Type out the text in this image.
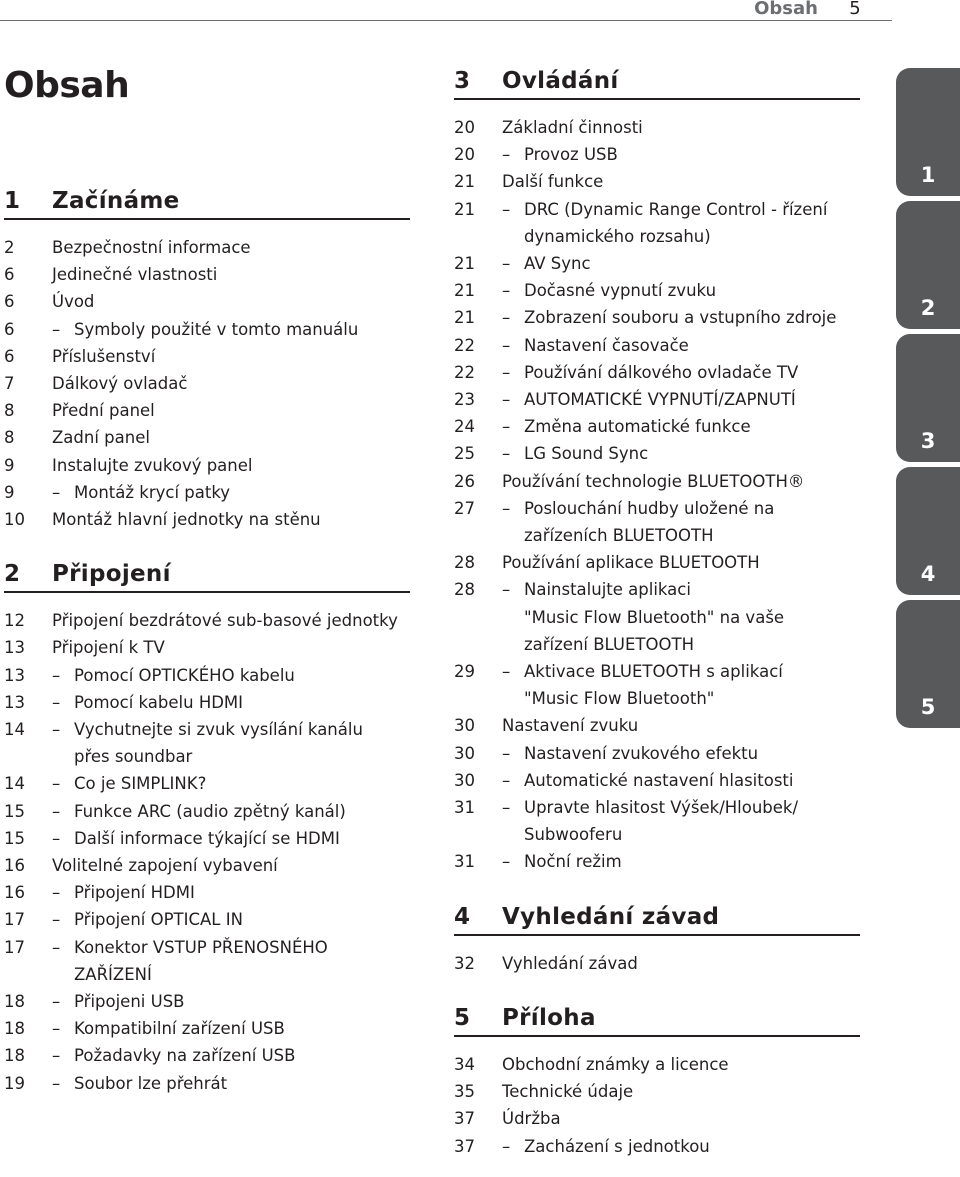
Obsah 5
Obsah
1	Začínáme
2	Bezpečnostní informace
6	Jedinečné vlastnosti
6	Úvod
6	– Symboly použité v tomto manuálu
6	Příslušenství
7	Dálkový ovladač
8	Přední panel
8	Zadní panel
9	Instalujte zvukový panel
9	– Montáž krycí patky
10	Montáž hlavní jednotky na stěnu
2	Připojení
12	Připojení bezdrátové sub-basové jednotky
13	Připojení k TV
13	– Pomocí OPTICKÉHO kabelu
13	– Pomocí kabelu HDMI
14	– Vychutnejte si zvuk vysílání kanálu
přes soundbar
14	– Co je SIMPLINK?
15	– Funkce ARC (audio zpětný kanál)
15	– Další informace týkající se HDMI
16	Volitelné zapojení vybavení
16	– Připojení HDMI
17	– Připojení OPTICAL IN
17	– Konektor VSTUP PŘENOSNÉHO
ZAŘÍZENÍ
18	– Připojeni USB
18	– Kompatibilní zařízení USB
18	– Požadavky na zařízení USB
19	– Soubor lze přehrát
3	Ovládání
20	Základní činnosti
20	– Provoz USB
21	Další funkce
21	– DRC (Dynamic Range Control - řízení
dynamického rozsahu)
21	– AV Sync
21	– Dočasné vypnutí zvuku
21	– Zobrazení souboru a vstupního zdroje
22	– Nastavení časovače
22	– Používání dálkového ovladače TV
23	– AUTOMATICKÉ VYPNUTÍ/ZAPNUTÍ
24	– Změna automatické funkce
25	– LG Sound Sync
26	Používání technologie BLUETOOTH®
27	– Poslouchání hudby uložené na
zařízeních BLUETOOTH
28	Používání aplikace BLUETOOTH
28	– Nainstalujte aplikaci
"Music Flow Bluetooth" na vaše
zařízení BLUETOOTH
29	– Aktivace BLUETOOTH s aplikací
"Music Flow Bluetooth"
30	Nastavení zvuku
30	– Nastavení zvukového efektu
30	– Automatické nastavení hlasitosti
31	– Upravte hlasitost Výšek/Hloubek/
Subwooferu
31	– Noční režim
4	Vyhledání závad
32	Vyhledání závad
5	Příloha
34	Obchodní známky a licence
35	Technické údaje
37	Údržba
37	– Zacházení s jednotkou
1
2
3
4
5
